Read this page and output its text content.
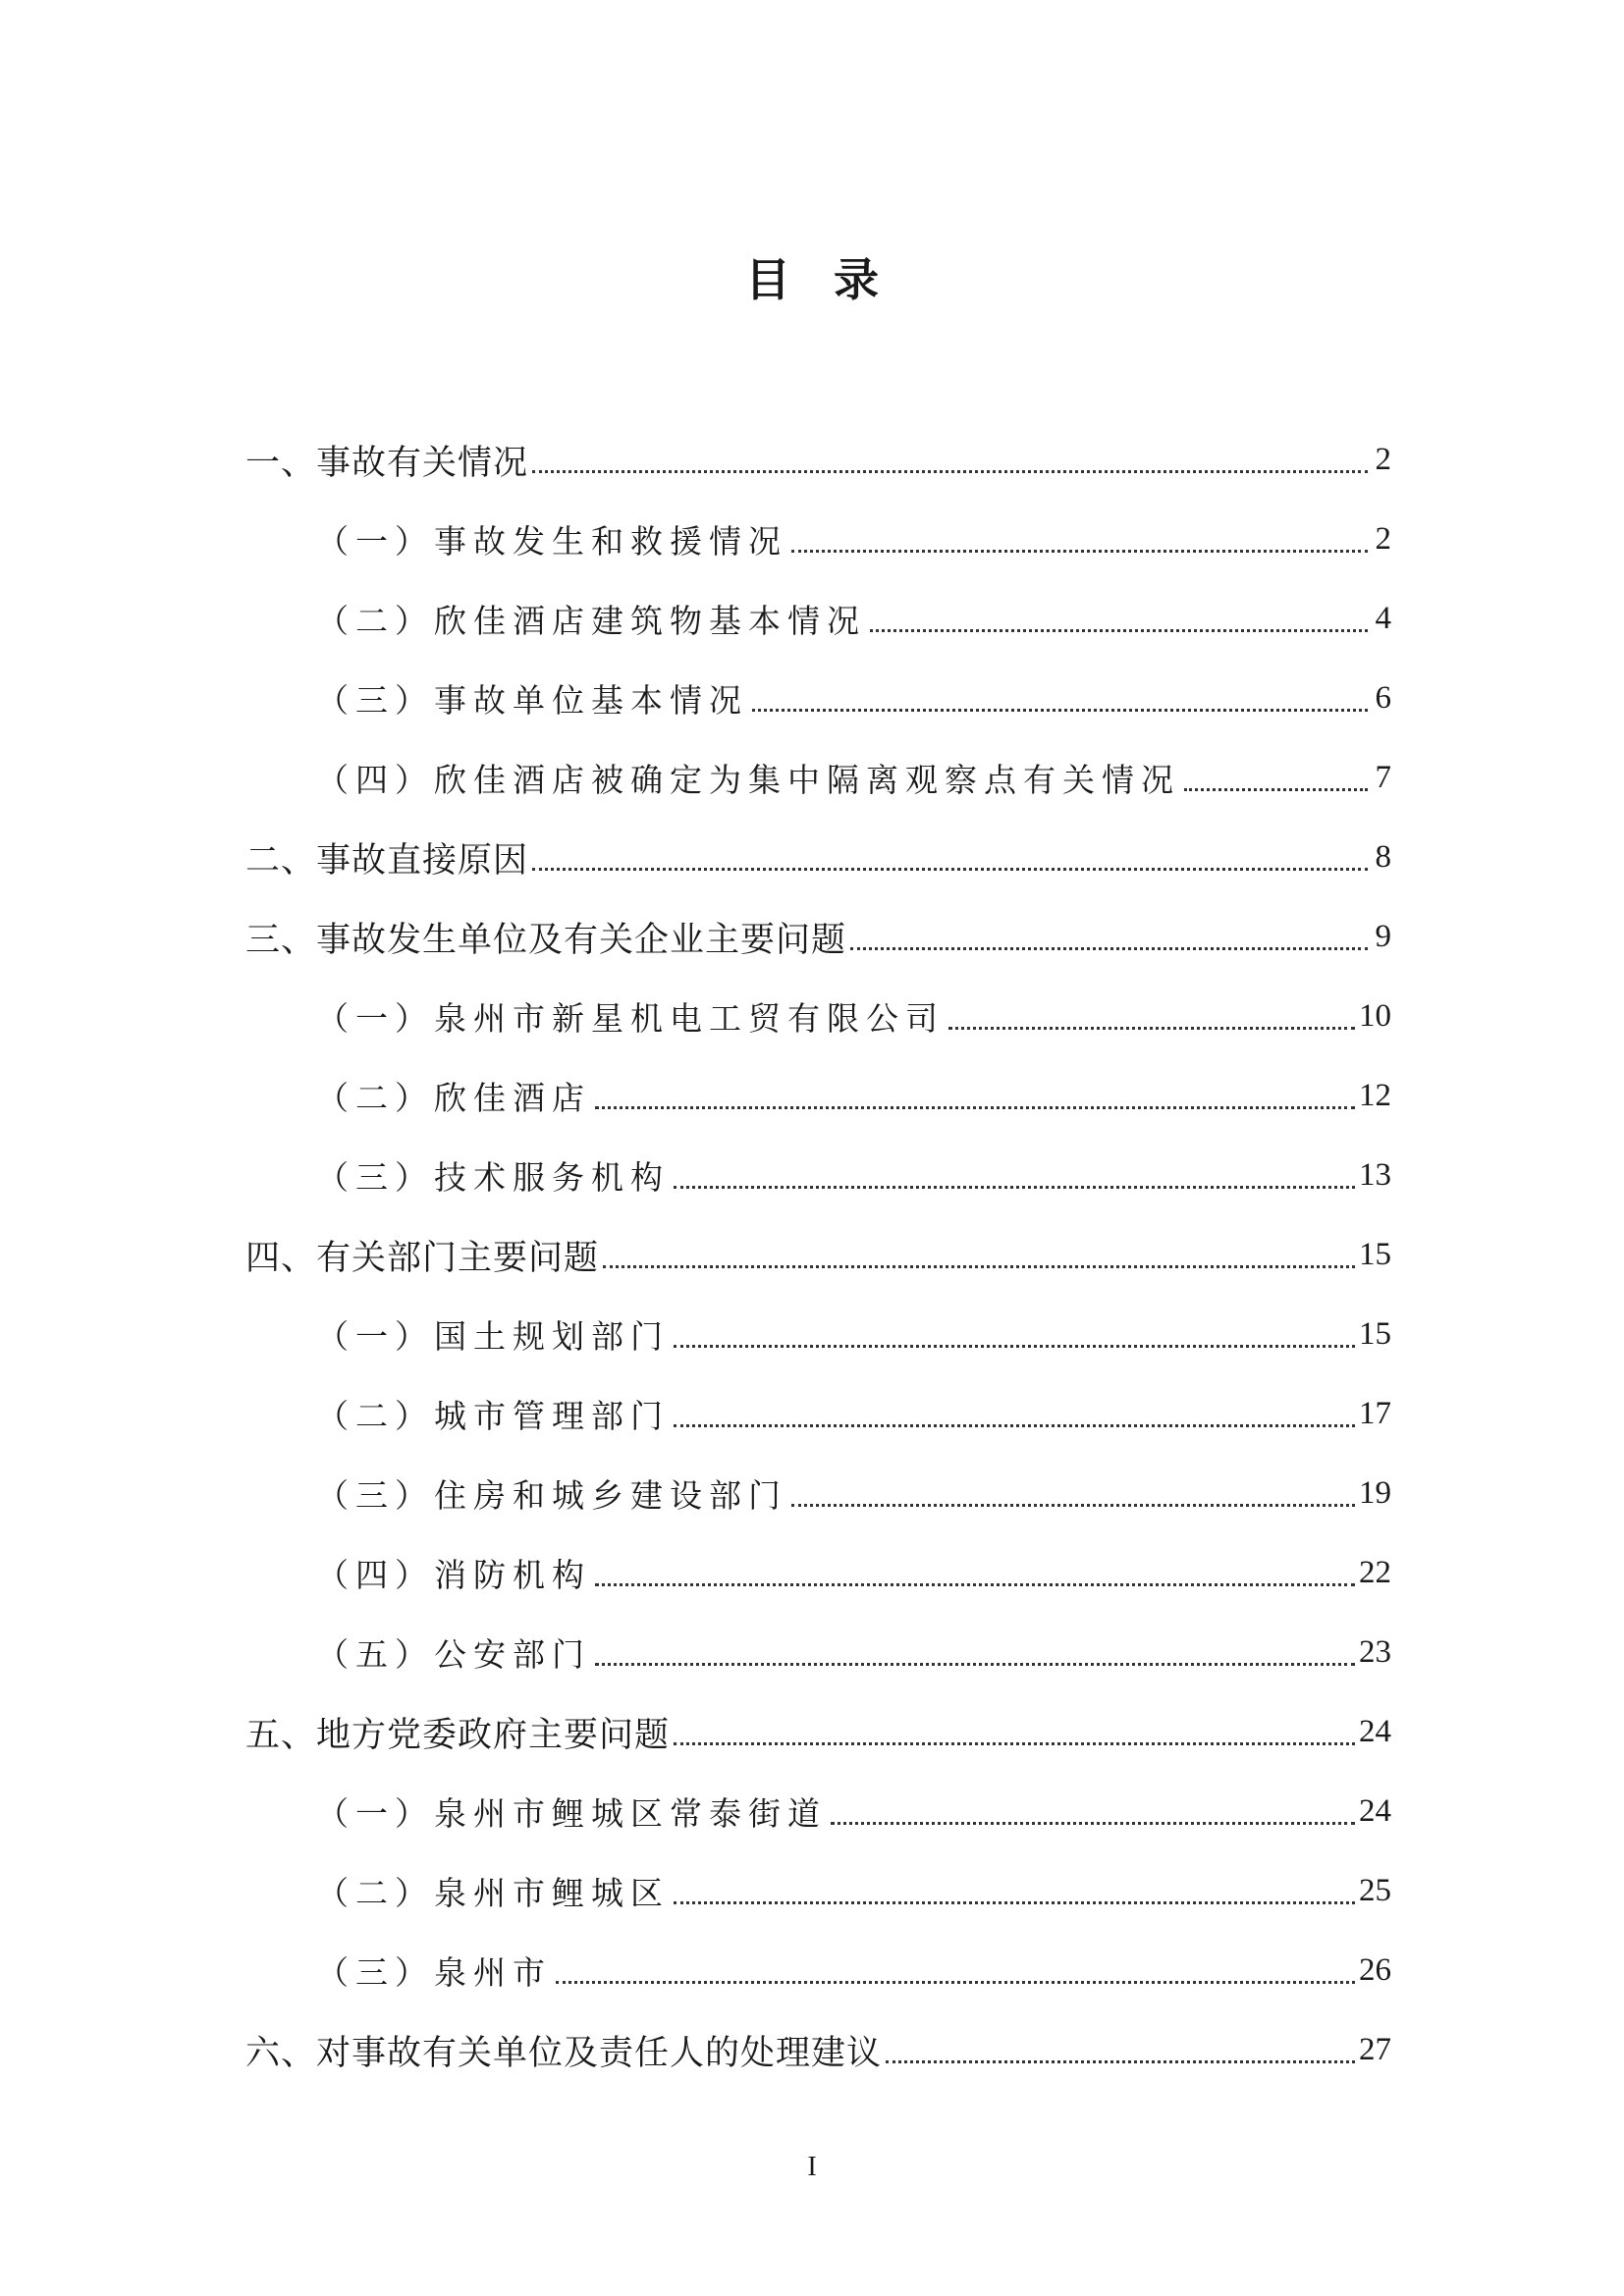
目录
一、事故有关情况	2
（一）事故发生和救援情况	2
（二）欣佳酒店建筑物基本情况	4
（三）事故单位基本情况	6
（四）欣佳酒店被确定为集中隔离观察点有关情况	7
二、事故直接原因	8
三、事故发生单位及有关企业主要问题	9
（一）泉州市新星机电工贸有限公司	10
（二）欣佳酒店	12
（三）技术服务机构	13
四、有关部门主要问题	15
（一）国土规划部门	15
（二）城市管理部门	17
（三）住房和城乡建设部门	19
（四）消防机构	22
（五）公安部门	23
五、地方党委政府主要问题	24
（一）泉州市鲤城区常泰街道	24
（二）泉州市鲤城区	25
（三）泉州市	26
六、对事故有关单位及责任人的处理建议	27
I
